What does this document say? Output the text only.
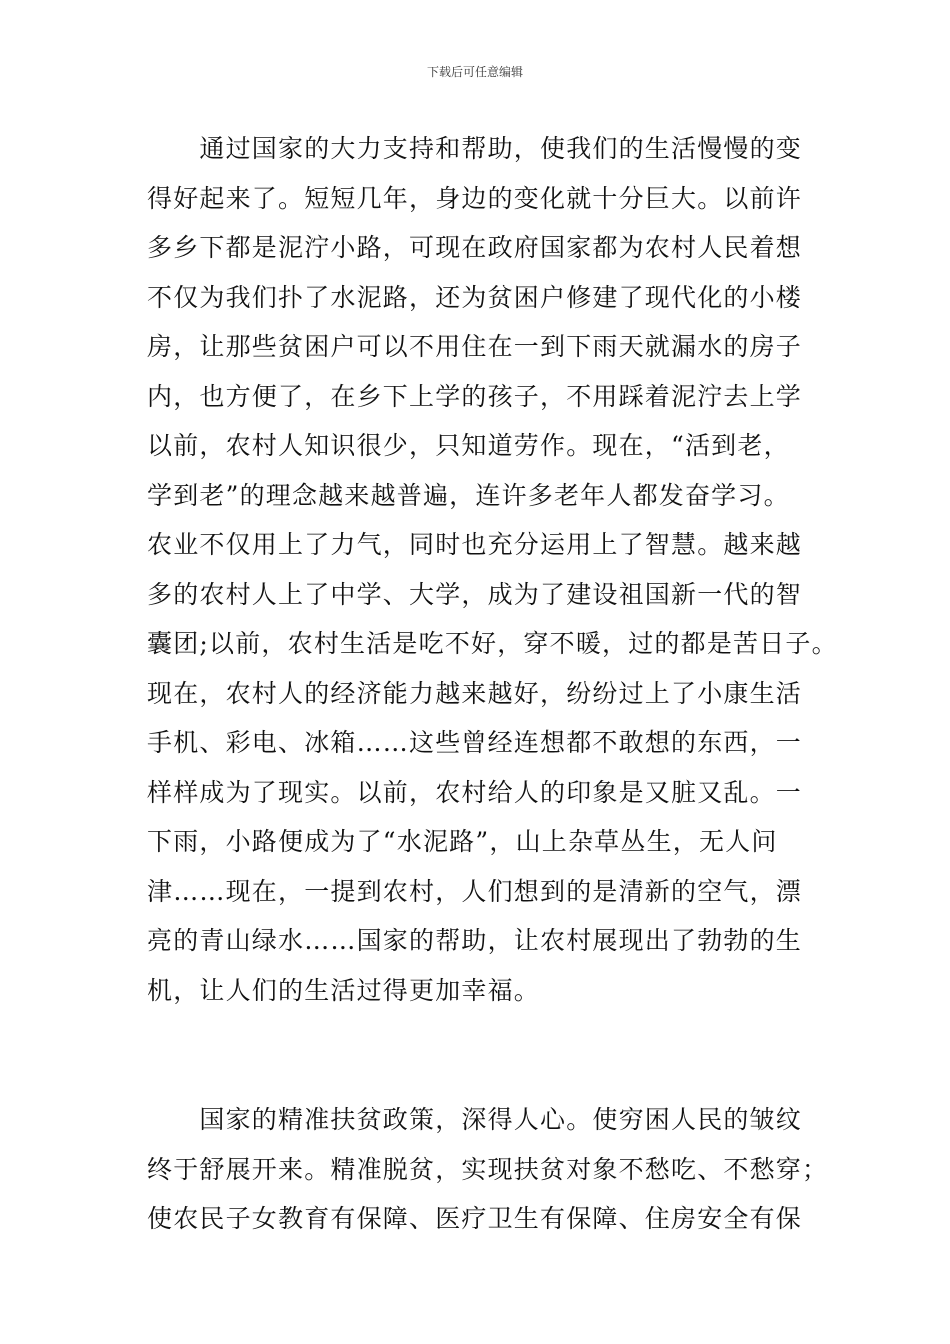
下载后可任意编辑
　　通过国家的大力支持和帮助，使我们的生活慢慢的变
得好起来了。短短几年，身边的变化就十分巨大。以前许
多乡下都是泥泞小路，可现在政府国家都为农村人民着想
不仅为我们扑了水泥路，还为贫困户修建了现代化的小楼
房，让那些贫困户可以不用住在一到下雨天就漏水的房子
内，也方便了，在乡下上学的孩子，不用踩着泥泞去上学
以前，农村人知识很少，只知道劳作。现在，“活到老，
学到老”的理念越来越普遍，连许多老年人都发奋学习。
农业不仅用上了力气，同时也充分运用上了智慧。越来越
多的农村人上了中学、大学，成为了建设祖国新一代的智
囊团;以前，农村生活是吃不好，穿不暖，过的都是苦日子。
现在，农村人的经济能力越来越好，纷纷过上了小康生活
手机、彩电、冰箱……这些曾经连想都不敢想的东西，一
样样成为了现实。以前，农村给人的印象是又脏又乱。一
下雨，小路便成为了“水泥路”，山上杂草丛生，无人问
津……现在，一提到农村，人们想到的是清新的空气，漂
亮的青山绿水……国家的帮助，让农村展现出了勃勃的生
机，让人们的生活过得更加幸福。
　　国家的精准扶贫政策，深得人心。使穷困人民的皱纹
终于舒展开来。精准脱贫，实现扶贫对象不愁吃、不愁穿；
使农民子女教育有保障、医疗卫生有保障、住房安全有保
